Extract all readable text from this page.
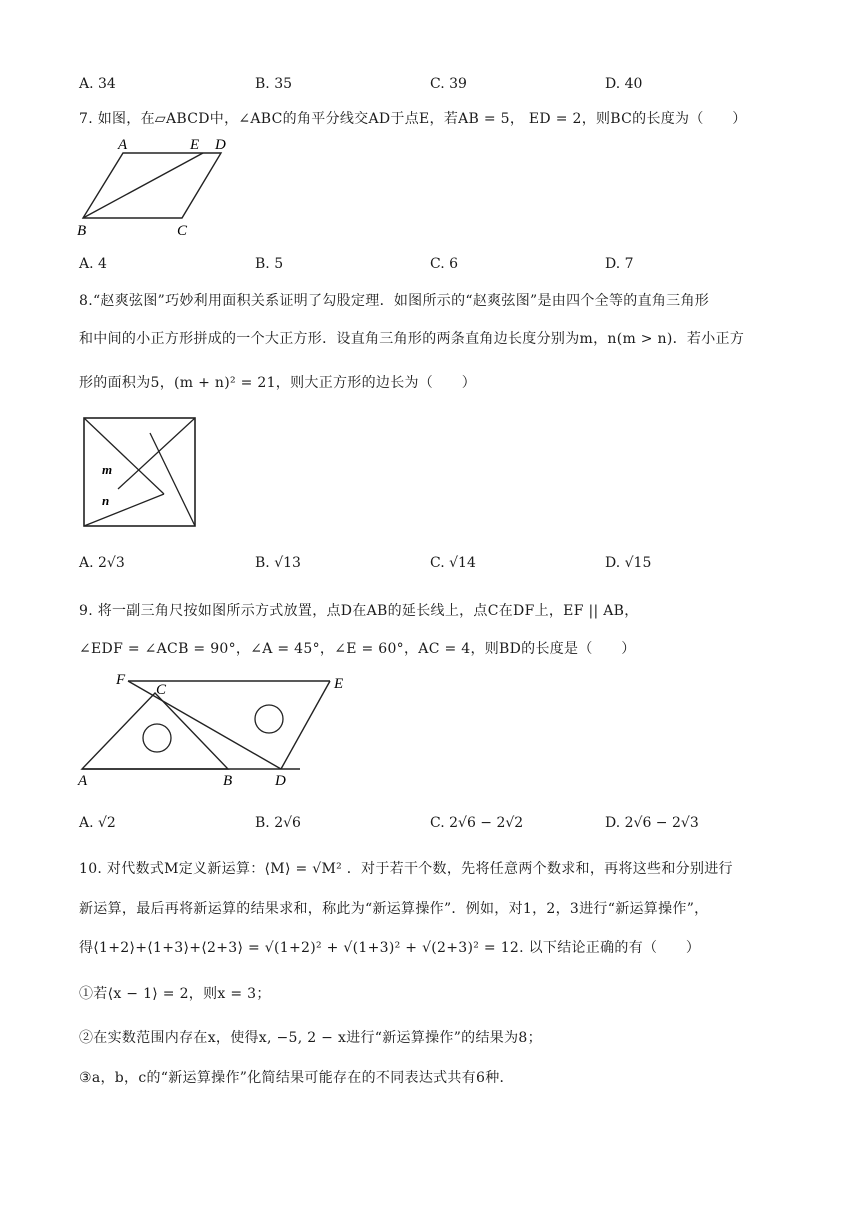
A. 34	B. 35	C. 39	D. 40
7. 如图，在▱ABCD中，∠ABC的角平分线交AD于点E，若AB = 5， ED = 2，则BC的长度为（　　）
A	E D
B	C
A. 4	B. 5	C. 6	D. 7
8.“赵爽弦图”巧妙利用面积关系证明了勾股定理．如图所示的“赵爽弦图”是由四个全等的直角三角形
和中间的小正方形拼成的一个大正方形．设直角三角形的两条直角边长度分别为m，n(m > n)．若小正方
形的面积为5，(m + n)² = 21，则大正方形的边长为（　　）
m
n
A. 2√3	B. √13	C. √14	D. √15
9. 将一副三角尺按如图所示方式放置，点D在AB的延长线上，点C在DF上，EF || AB，
∠EDF = ∠ACB = 90°，∠A = 45°，∠E = 60°，AC = 4，则BD的长度是（　　）
F
C	E
A	B	D
A. √2	B. 2√6	C. 2√6 − 2√2	D. 2√6 − 2√3
10. 对代数式M定义新运算：⟨M⟩ = √M² ．对于若干个数，先将任意两个数求和，再将这些和分别进行
新运算，最后再将新运算的结果求和，称此为“新运算操作”．例如，对1，2，3进行“新运算操作”，
得⟨1+2⟩+⟨1+3⟩+⟨2+3⟩ = √(1+2)² + √(1+3)² + √(2+3)² = 12. 以下结论正确的有（　　）
①若⟨x − 1⟩ = 2，则x = 3；
②在实数范围内存在x，使得x, −5, 2 − x进行“新运算操作”的结果为8；
③a，b，c的“新运算操作”化简结果可能存在的不同表达式共有6种．
